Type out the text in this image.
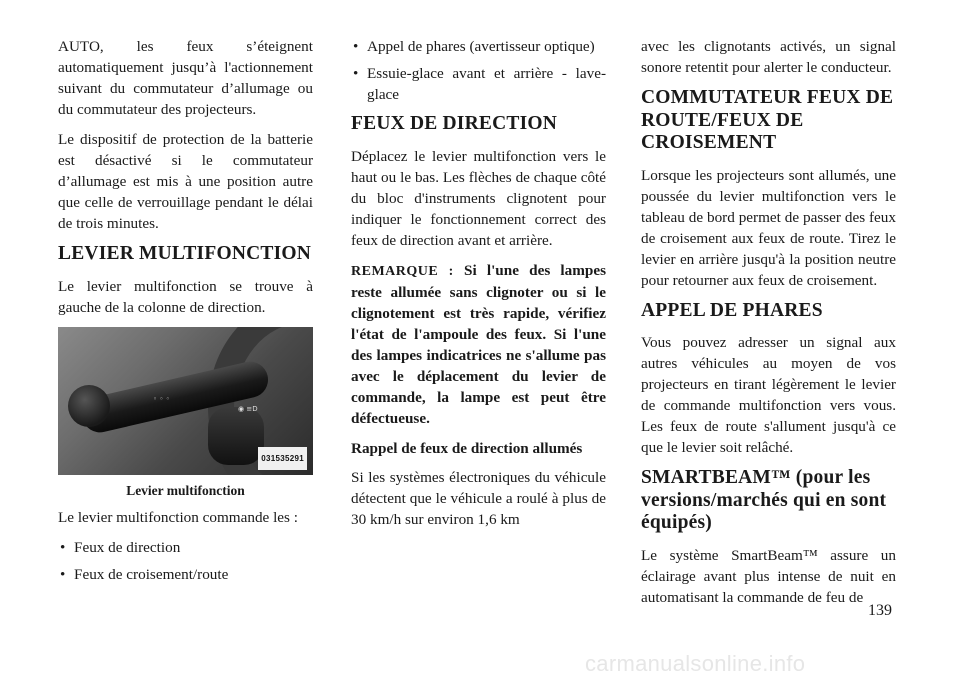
AUTO, les feux s’éteignent automatiquement jusqu’à l'actionnement suivant du commutateur d’allumage ou du commutateur des projecteurs.

Le dispositif de protection de la batterie est désactivé si le commutateur d’allumage est mis à une position autre que celle de verrouillage pendant le délai de trois minutes.

LEVIER MULTIFONCTION

Le levier multifonction se trouve à gauche de la colonne de direction.

◦ ◦ ◦
◉ ≡D
031535291
Levier multifonction

Le levier multifonction commande les :

• Feux de direction
• Feux de croisement/route
• Appel de phares (avertisseur optique)
• Essuie-glace avant et arrière - lave-glace
FEUX DE DIRECTION

Déplacez le levier multifonction vers le haut ou le bas. Les flèches de chaque côté du bloc d'instruments clignotent pour indiquer le fonctionnement correct des feux de direction avant et arrière.

REMARQUE : Si l'une des lampes reste allumée sans clignoter ou si le clignotement est très rapide, vérifiez l'état de l'ampoule des feux. Si l'une des lampes indicatrices ne s'allume pas avec le déplacement du levier de commande, la lampe est peut être défectueuse.

Rappel de feux de direction allumés

Si les systèmes électroniques du véhicule détectent que le véhicule a roulé à plus de 30 km/h sur environ 1,6 km

avec les clignotants activés, un signal sonore retentit pour alerter le conducteur.

COMMUTATEUR FEUX DE ROUTE/FEUX DE CROISEMENT

Lorsque les projecteurs sont allumés, une poussée du levier multifonction vers le tableau de bord permet de passer des feux de croisement aux feux de route. Tirez le levier en arrière jusqu'à la position neutre pour retourner aux feux de croisement.

APPEL DE PHARES

Vous pouvez adresser un signal aux autres véhicules au moyen de vos projecteurs en tirant légèrement le levier de commande multifonction vers vous. Les feux de route s'allument jusqu'à ce que le levier soit relâché.

SMARTBEAM™ (pour les versions/marchés qui en sont équipés)

Le système SmartBeam™ assure un éclairage avant plus intense de nuit en automatisant la commande de feu de

139
carmanualsonline.info
